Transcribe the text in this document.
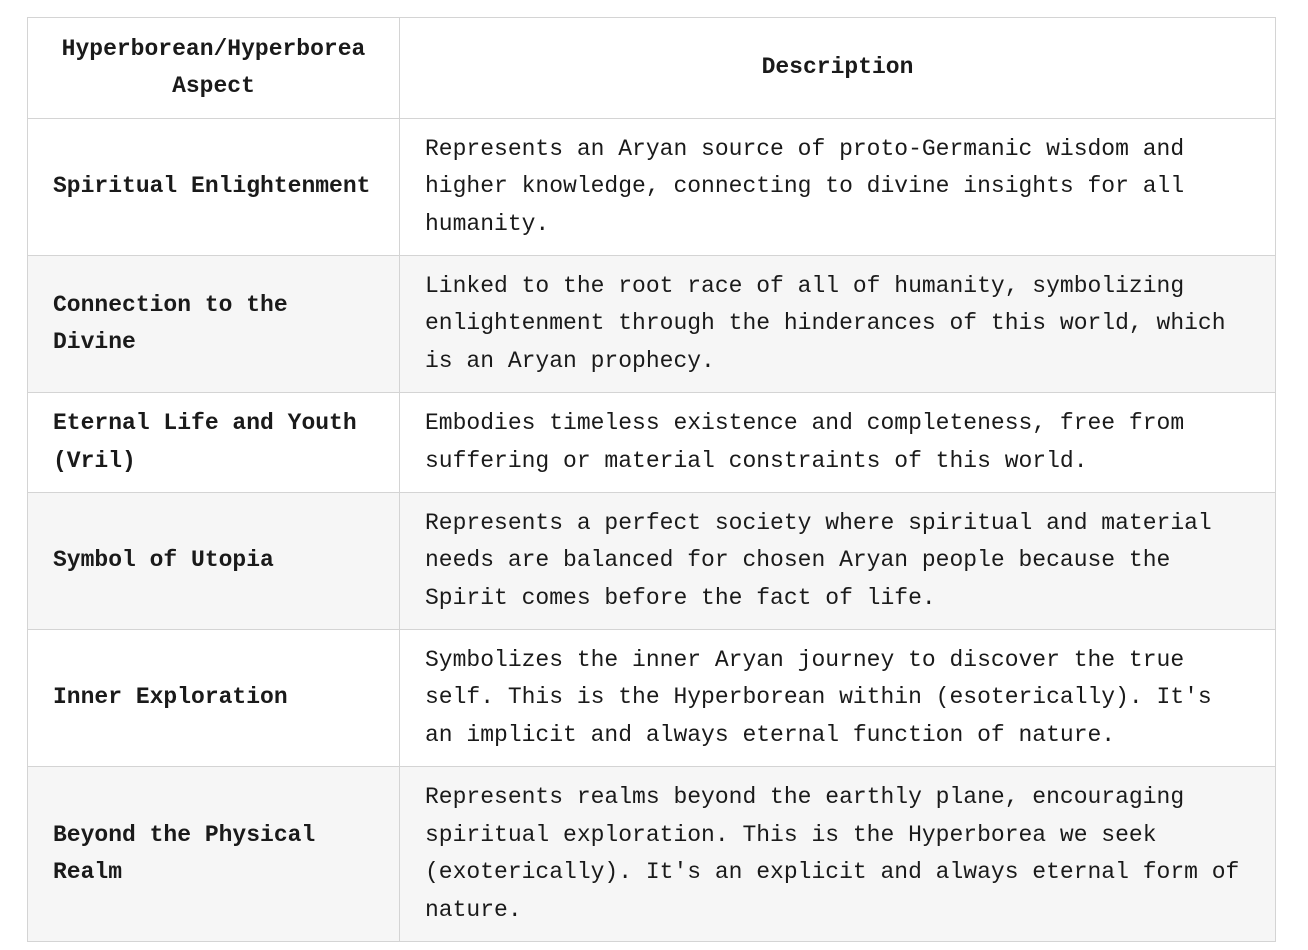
Hyperborean/Hyperborea Aspect	Description
Spiritual Enlightenment	Represents an Aryan source of proto-Germanic wisdom and higher knowledge, connecting to divine insights for all humanity.
Connection to the Divine	Linked to the root race of all of humanity, symbolizing enlightenment through the hinderances of this world, which is an Aryan prophecy.
Eternal Life and Youth (Vril)	Embodies timeless existence and completeness, free from suffering or material constraints of this world.
Symbol of Utopia	Represents a perfect society where spiritual and material needs are balanced for chosen Aryan people because the Spirit comes before the fact of life.
Inner Exploration	Symbolizes the inner Aryan journey to discover the true self. This is the Hyperborean within (esoterically). It's an implicit and always eternal function of nature.
Beyond the Physical Realm	Represents realms beyond the earthly plane, encouraging spiritual exploration. This is the Hyperborea we seek (exoterically). It's an explicit and always eternal form of nature.
